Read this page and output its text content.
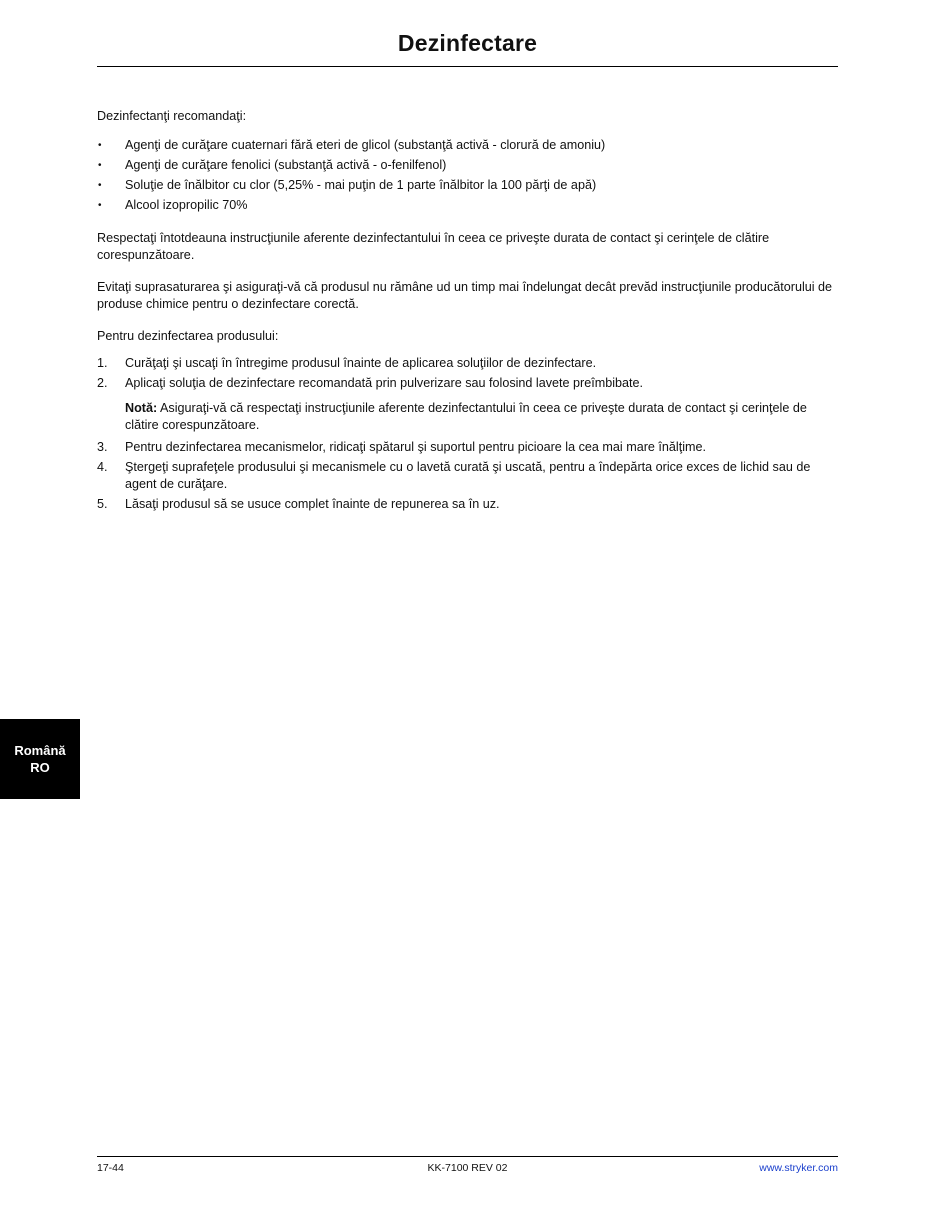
Dezinfectare

Dezinfectanţi recomandaţi:

• Agenţi de curăţare cuaternari fără eteri de glicol (substanţă activă - clorură de amoniu)
• Agenţi de curăţare fenolici (substanţă activă - o-fenilfenol)
• Soluţie de înălbitor cu clor (5,25% - mai puţin de 1 parte înălbitor la 100 părţi de apă)
• Alcool izopropilic 70%

Respectaţi întotdeauna instrucţiunile aferente dezinfectantului în ceea ce priveşte durata de contact şi cerinţele de clătire corespunzătoare.

Evitaţi suprasaturarea şi asiguraţi-vă că produsul nu rămâne ud un timp mai îndelungat decât prevăd instrucţiunile producătorului de produse chimice pentru o dezinfectare corectă.

Pentru dezinfectarea produsului:

1. Curăţaţi şi uscaţi în întregime produsul înainte de aplicarea soluţiilor de dezinfectare.
2. Aplicaţi soluţia de dezinfectare recomandată prin pulverizare sau folosind lavete preîmbibate.

Notă: Asiguraţi-vă că respectaţi instrucţiunile aferente dezinfectantului în ceea ce priveşte durata de contact şi cerinţele de clătire corespunzătoare.

3. Pentru dezinfectarea mecanismelor, ridicaţi spătarul şi suportul pentru picioare la cea mai mare înălţime.
4. Ştergeţi suprafeţele produsului şi mecanismele cu o lavetă curată şi uscată, pentru a îndepărta orice exces de lichid sau de agent de curăţare.
5. Lăsaţi produsul să se usuce complet înainte de repunerea sa în uz.
Română
RO
17-44	KK-7100 REV 02	www.stryker.com
